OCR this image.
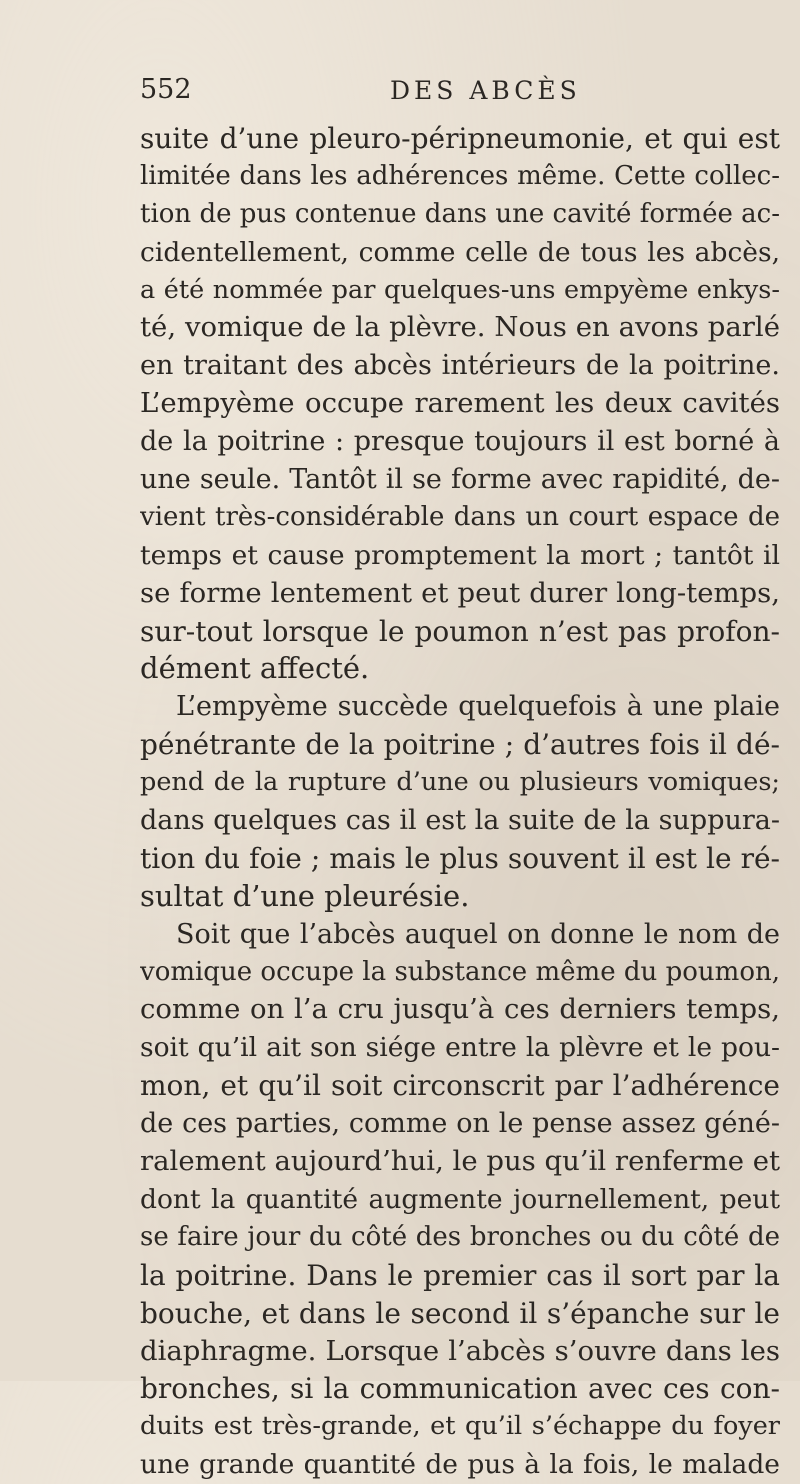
552	DES ABCÈS
suite d’une pleuro-péripneumonie, et qui est
limitée dans les adhérences même. Cette collec-
tion de pus contenue dans une cavité formée ac-
cidentellement, comme celle de tous les abcès,
a été nommée par quelques-uns empyème enkys-
té, vomique de la plèvre. Nous en avons parlé
en traitant des abcès intérieurs de la poitrine.
L’empyème occupe rarement les deux cavités
de la poitrine : presque toujours il est borné à
une seule. Tantôt il se forme avec rapidité, de-
vient très-considérable dans un court espace de
temps et cause promptement la mort ; tantôt il
se forme lentement et peut durer long-temps,
sur-tout lorsque le poumon n’est pas profon-
dément affecté.
L’empyème succède quelquefois à une plaie
pénétrante de la poitrine ; d’autres fois il dé-
pend de la rupture d’une ou plusieurs vomiques;
dans quelques cas il est la suite de la suppura-
tion du foie ; mais le plus souvent il est le ré-
sultat d’une pleurésie.
Soit que l’abcès auquel on donne le nom de
vomique occupe la substance même du poumon,
comme on l’a cru jusqu’à ces derniers temps,
soit qu’il ait son siége entre la plèvre et le pou-
mon, et qu’il soit circonscrit par l’adhérence
de ces parties, comme on le pense assez géné-
ralement aujourd’hui, le pus qu’il renferme et
dont la quantité augmente journellement, peut
se faire jour du côté des bronches ou du côté de
la poitrine. Dans le premier cas il sort par la
bouche, et dans le second il s’épanche sur le
diaphragme. Lorsque l’abcès s’ouvre dans les
bronches, si la communication avec ces con-
duits est très-grande, et qu’il s’échappe du foyer
une grande quantité de pus à la fois, le malade
